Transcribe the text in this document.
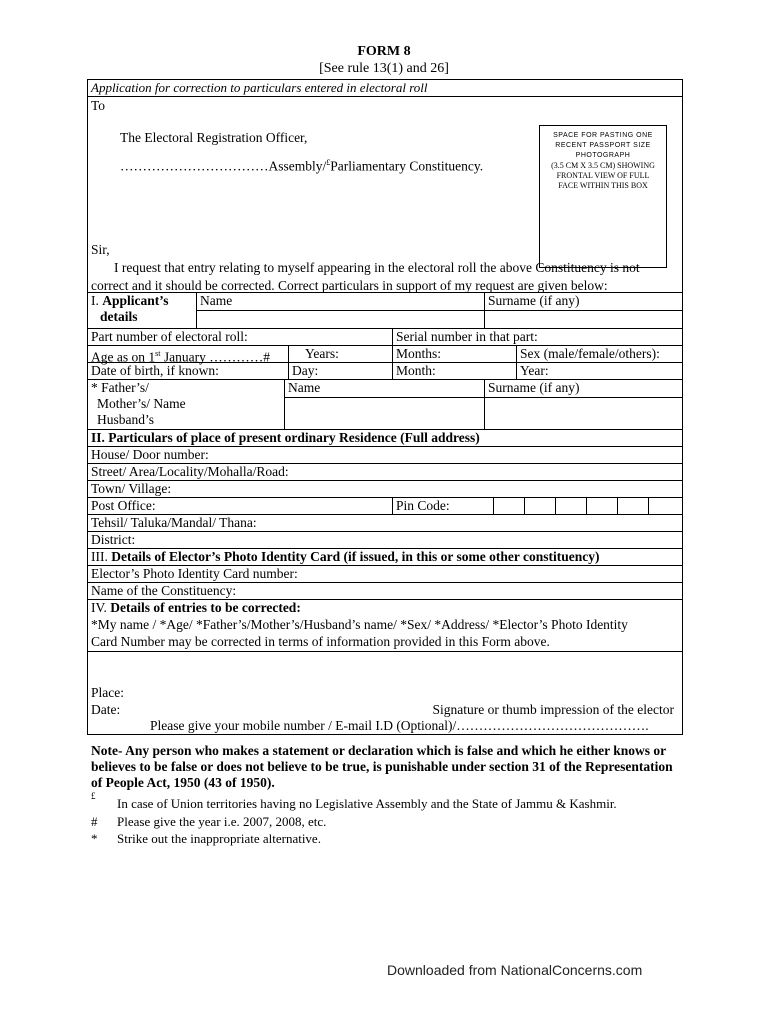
FORM 8
[See rule 13(1) and 26]
Application for correction to particulars entered in electoral roll
To
The Electoral Registration Officer,
……………………………Assembly/£Parliamentary Constituency.
SPACE FOR PASTING ONE
RECENT PASSPORT SIZE
PHOTOGRAPH
(3.5 CM X 3.5 CM) SHOWING
FRONTAL VIEW OF FULL
FACE WITHIN THIS BOX
Sir,
I request that entry relating to myself appearing in the electoral roll the above Constituency is not
correct and it should be corrected. Correct particulars in support of my request are given below:
I. Applicant’s
details
Name	Surname (if any)
Part number of electoral roll:	Serial number in that part:
Age as on 1st January …………#	Years:	Months:	Sex (male/female/others):
Date of birth, if known:	Day:	Month:	Year:
* Father’s/
Mother’s/ Name
Husband’s
Name	Surname (if any)
II. Particulars of place of present ordinary Residence (Full address)
House/ Door number:
Street/ Area/Locality/Mohalla/Road:
Town/ Village:
Post Office:	Pin Code:
Tehsil/ Taluka/Mandal/ Thana:
District:
III. Details of Elector’s Photo Identity Card (if issued, in this or some other constituency)
Elector’s Photo Identity Card number:
Name of the Constituency:
IV. Details of entries to be corrected:
*My name / *Age/ *Father’s/Mother’s/Husband’s name/ *Sex/ *Address/ *Elector’s Photo Identity
Card Number may be corrected in terms of information provided in this Form above.
Place:
Date:	Signature or thumb impression of the elector
Please give your mobile number / E-mail I.D (Optional)/…………………………………….
Note- Any person who makes a statement or declaration which is false and which he either knows or believes to be false or does not believe to be true, is punishable under section 31 of the Representation of People Act, 1950 (43 of 1950).
£ In case of Union territories having no Legislative Assembly and the State of Jammu & Kashmir.
# Please give the year i.e. 2007, 2008, etc.
* Strike out the inappropriate alternative.
Downloaded from NationalConcerns.com
